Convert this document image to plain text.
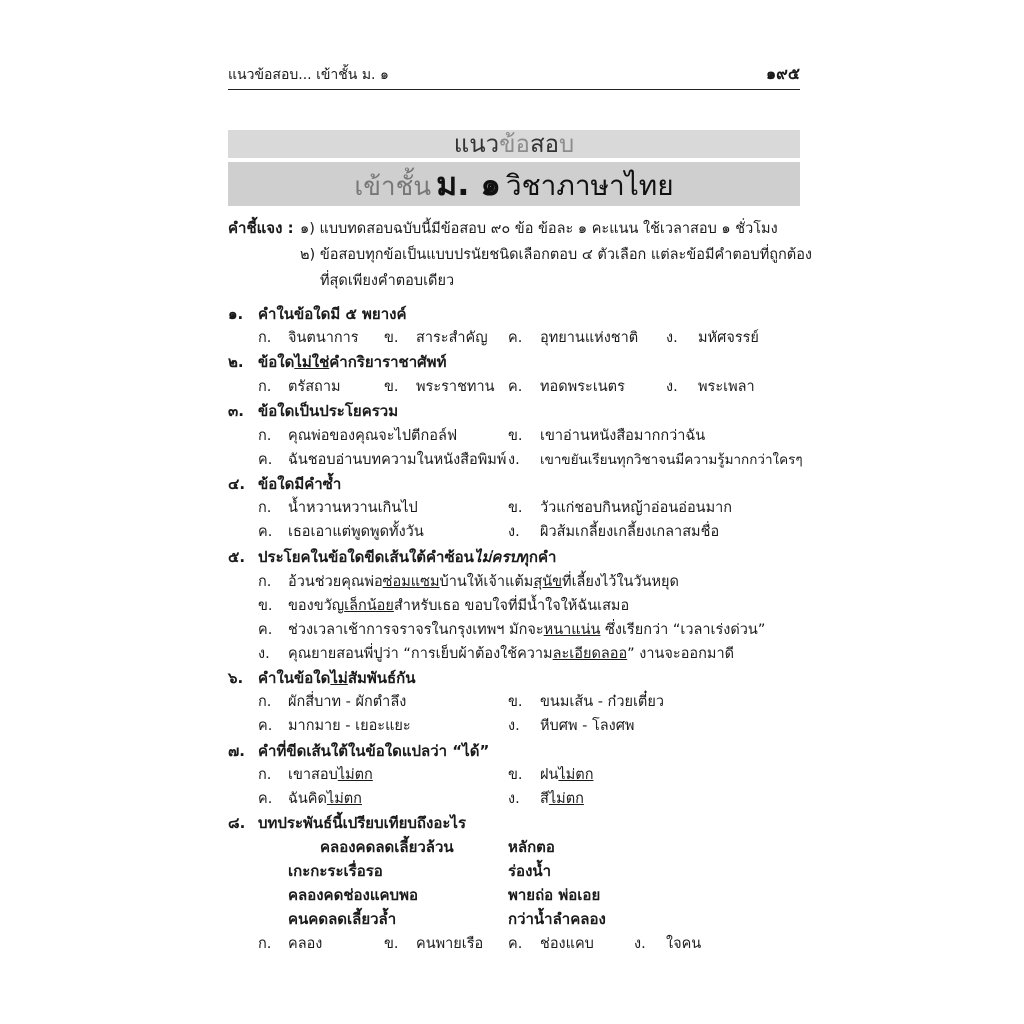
แนวข้อสอบ... เข้าชั้น ม. ๑	๑๙๕
แนวข้อสอบ
เข้าชั้น ม. ๑ วิชาภาษาไทย
คำชี้แจง : ๑) แบบทดสอบฉบับนี้มีข้อสอบ ๙๐ ข้อ ข้อละ ๑ คะแนน ใช้เวลาสอบ ๑ ชั่วโมง
๒) ข้อสอบทุกข้อเป็นแบบปรนัยชนิดเลือกตอบ ๔ ตัวเลือก แต่ละข้อมีคำตอบที่ถูกต้อง
ที่สุดเพียงคำตอบเดียว
๑. คำในข้อใดมี ๕ พยางค์
ก. จินตนาการ ข. สาระสำคัญ ค. อุทยานแห่งชาติ ง. มหัศจรรย์
๒. ข้อใดไม่ใช่คำกริยาราชาศัพท์
ก. ตรัสถาม	ข. พระราชทาน ค. ทอดพระเนตร	ง. พระเพลา
๓. ข้อใดเป็นประโยครวม
ก. คุณพ่อของคุณจะไปตีกอล์ฟ	ข. เขาอ่านหนังสือมากกว่าฉัน
ค. ฉันชอบอ่านบทความในหนังสือพิมพ์ ง. เขาขยันเรียนทุกวิชาจนมีความรู้มากกว่าใครๆ
๔. ข้อใดมีคำซ้ำ
ก. น้ำหวานหวานเกินไป	ข. วัวแก่ชอบกินหญ้าอ่อนอ่อนมาก
ค. เธอเอาแต่พูดพูดทั้งวัน	ง. ผิวส้มเกลี้ยงเกลี้ยงเกลาสมชื่อ
๕. ประโยคในข้อใดขีดเส้นใต้คำซ้อนไม่ครบทุกคำ
ก. อ้วนช่วยคุณพ่อซ่อมแซมบ้านให้เจ้าแต้มสุนัขที่เลี้ยงไว้ในวันหยุด
ข. ของขวัญเล็กน้อยสำหรับเธอ ขอบใจที่มีน้ำใจให้ฉันเสมอ
ค. ช่วงเวลาเช้าการจราจรในกรุงเทพฯ มักจะหนาแน่น ซึ่งเรียกว่า “เวลาเร่งด่วน”
ง. คุณยายสอนพี่ปูว่า “การเย็บผ้าต้องใช้ความละเอียดลออ” งานจะออกมาดี
๖. คำในข้อใดไม่สัมพันธ์กัน
ก. ผักสี่บาท - ผักตำลึง	ข. ขนมเส้น - ก๋วยเตี๋ยว
ค. มากมาย - เยอะแยะ	ง. หีบศพ - โลงศพ
๗. คำที่ขีดเส้นใต้ในข้อใดแปลว่า “ได้”
ก. เขาสอบไม่ตก	ข. ฝนไม่ตก
ค. ฉันคิดไม่ตก	ง. สีไม่ตก
๘. บทประพันธ์นี้เปรียบเทียบถึงอะไร
คลองคดลดเลี้ยวล้วน	หลักตอ
เกะกะระเรื่อรอ	ร่องน้ำ
คลองคดช่องแคบพอ	พายถ่อ พ่อเอย
คนคดลดเลี้ยวล้ำ	กว่าน้ำลำคลอง
ก. คลอง	ข. คนพายเรือ ค. ช่องแคบ	ง. ใจคน
